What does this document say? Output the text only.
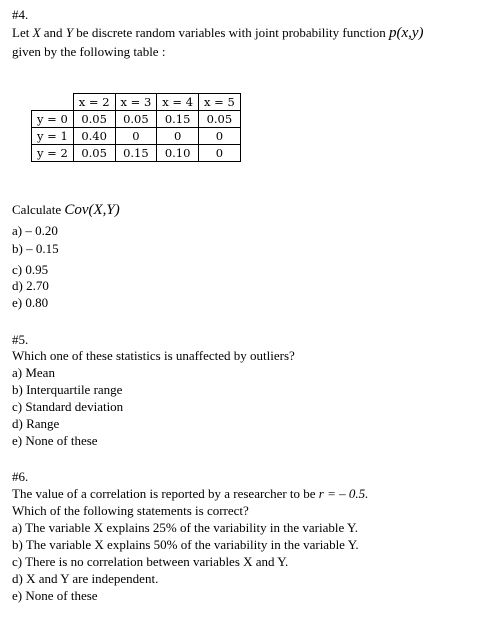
#4.
Let X and Y be discrete random variables with joint probability function p(x,y)
given by the following table :
	x = 2	x = 3	x = 4	x = 5
y = 0	0.05	0.05	0.15	0.05
y = 1	0.40	0	0	0
y = 2	0.05	0.15	0.10	0
Calculate Cov(X,Y)
a) – 0.20
b) – 0.15
c) 0.95
d) 2.70
e) 0.80
#5.
Which one of these statistics is unaffected by outliers?
a) Mean
b) Interquartile range
c) Standard deviation
d) Range
e) None of these
#6.
The value of a correlation is reported by a researcher to be r = – 0.5.
Which of the following statements is correct?
a) The variable X explains 25% of the variability in the variable Y.
b) The variable X explains 50% of the variability in the variable Y.
c) There is no correlation between variables X and Y.
d) X and Y are independent.
e) None of these
